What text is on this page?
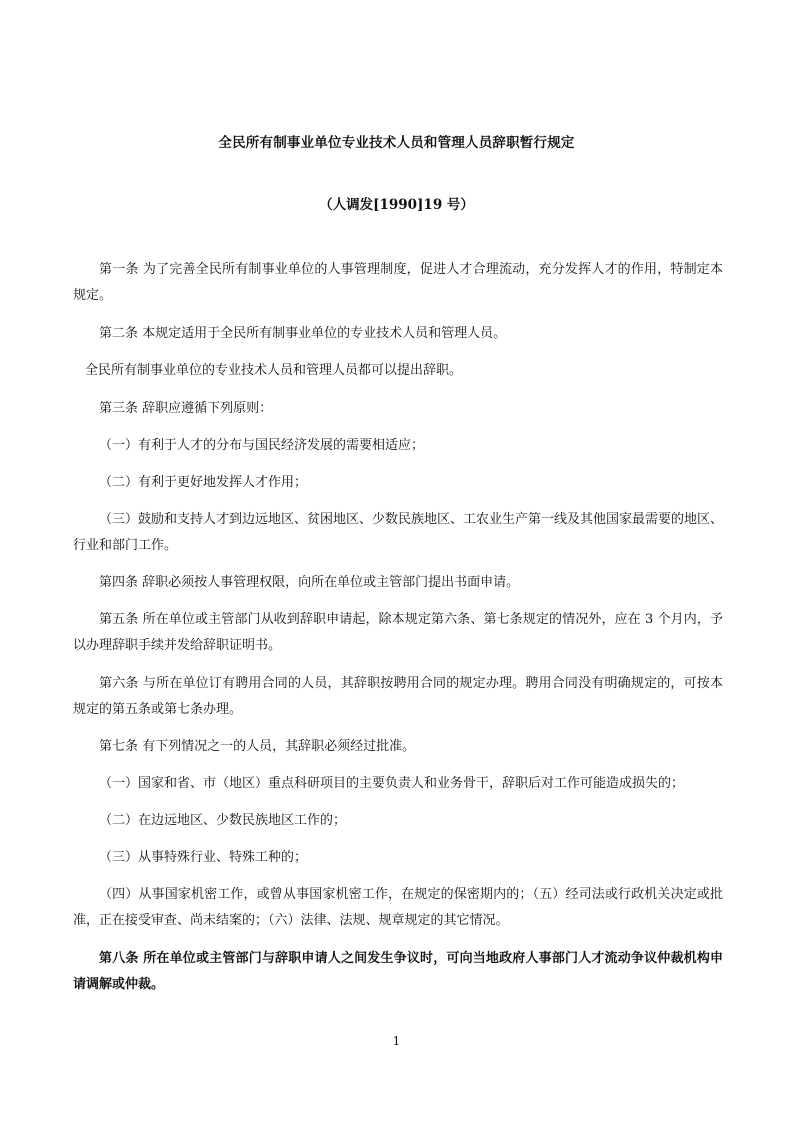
全民所有制事业单位专业技术人员和管理人员辞职暂行规定
（人调发[1990]19 号）

第一条 为了完善全民所有制事业单位的人事管理制度，促进人才合理流动，充分发挥人才的作用，特制定本规定。

第二条 本规定适用于全民所有制事业单位的专业技术人员和管理人员。

全民所有制事业单位的专业技术人员和管理人员都可以提出辞职。

第三条 辞职应遵循下列原则：

（一）有利于人才的分布与国民经济发展的需要相适应；

（二）有利于更好地发挥人才作用；

（三）鼓励和支持人才到边远地区、贫困地区、少数民族地区、工农业生产第一线及其他国家最需要的地区、行业和部门工作。

第四条 辞职必须按人事管理权限，向所在单位或主管部门提出书面申请。

第五条 所在单位或主管部门从收到辞职申请起，除本规定第六条、第七条规定的情况外，应在 3 个月内，予以办理辞职手续并发给辞职证明书。

第六条 与所在单位订有聘用合同的人员，其辞职按聘用合同的规定办理。聘用合同没有明确规定的，可按本规定的第五条或第七条办理。

第七条 有下列情况之一的人员，其辞职必须经过批准。

（一）国家和省、市（地区）重点科研项目的主要负责人和业务骨干，辞职后对工作可能造成损失的；

（二）在边远地区、少数民族地区工作的；

（三）从事特殊行业、特殊工种的；

（四）从事国家机密工作，或曾从事国家机密工作，在规定的保密期内的；（五）经司法或行政机关决定或批准，正在接受审查、尚未结案的；（六）法律、法规、规章规定的其它情况。

第八条 所在单位或主管部门与辞职申请人之间发生争议时，可向当地政府人事部门人才流动争议仲裁机构申请调解或仲裁。

1
